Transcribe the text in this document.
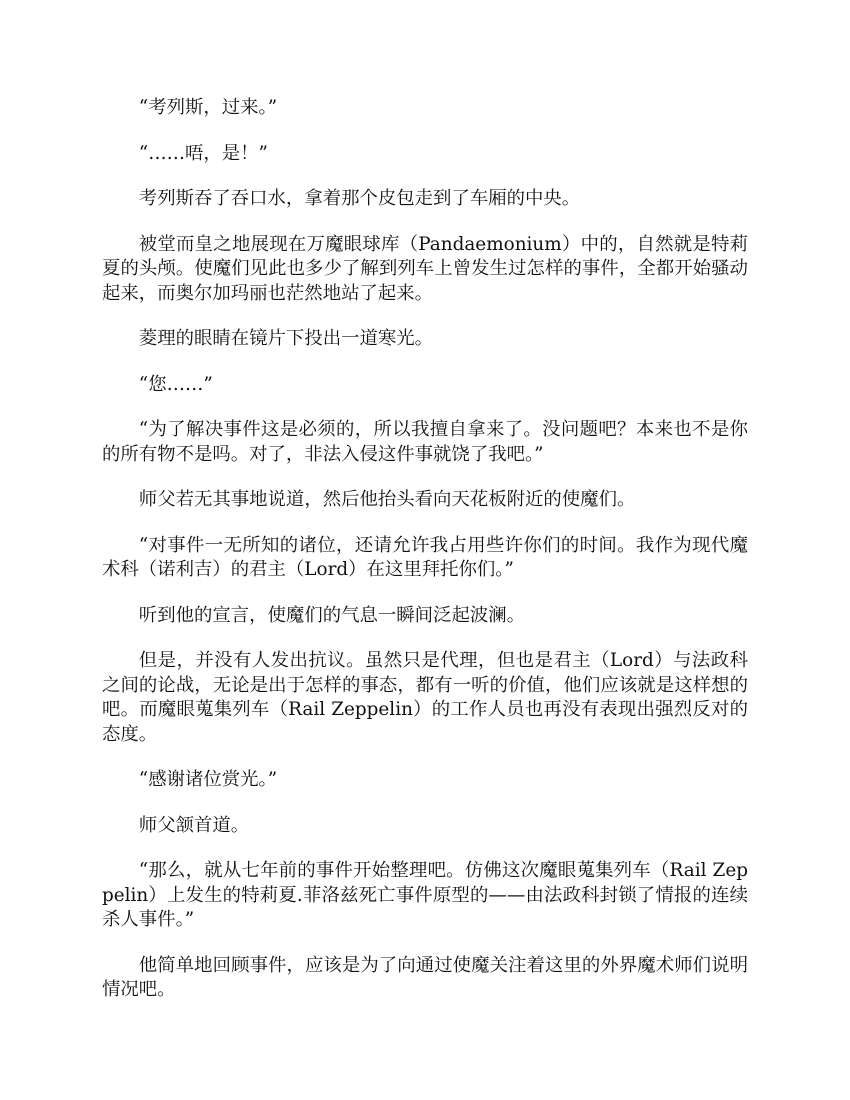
“考列斯，过来。”

“……唔，是！”

考列斯吞了吞口水，拿着那个皮包走到了车厢的中央。

被堂而皇之地展现在万魔眼球库（Pandaemonium）中的，自然就是特莉夏的头颅。使魔们见此也多少了解到列车上曾发生过怎样的事件，全都开始骚动起来，而奥尔加玛丽也茫然地站了起来。

菱理的眼睛在镜片下投出一道寒光。

“您……”

“为了解决事件这是必须的，所以我擅自拿来了。没问题吧？本来也不是你的所有物不是吗。对了，非法入侵这件事就饶了我吧。”

师父若无其事地说道，然后他抬头看向天花板附近的使魔们。

“对事件一无所知的诸位，还请允许我占用些许你们的时间。我作为现代魔术科（诺利吉）的君主（Lord）在这里拜托你们。”

听到他的宣言，使魔们的气息一瞬间泛起波澜。

但是，并没有人发出抗议。虽然只是代理，但也是君主（Lord）与法政科之间的论战，无论是出于怎样的事态，都有一听的价值，他们应该就是这样想的吧。而魔眼蒐集列车（Rail Zeppelin）的工作人员也再没有表现出强烈反对的态度。

“感谢诸位赏光。”

师父颔首道。

“那么，就从七年前的事件开始整理吧。仿佛这次魔眼蒐集列车（Rail Zeppelin）上发生的特莉夏.菲洛兹死亡事件原型的——由法政科封锁了情报的连续杀人事件。”

他简单地回顾事件，应该是为了向通过使魔关注着这里的外界魔术师们说明情况吧。
